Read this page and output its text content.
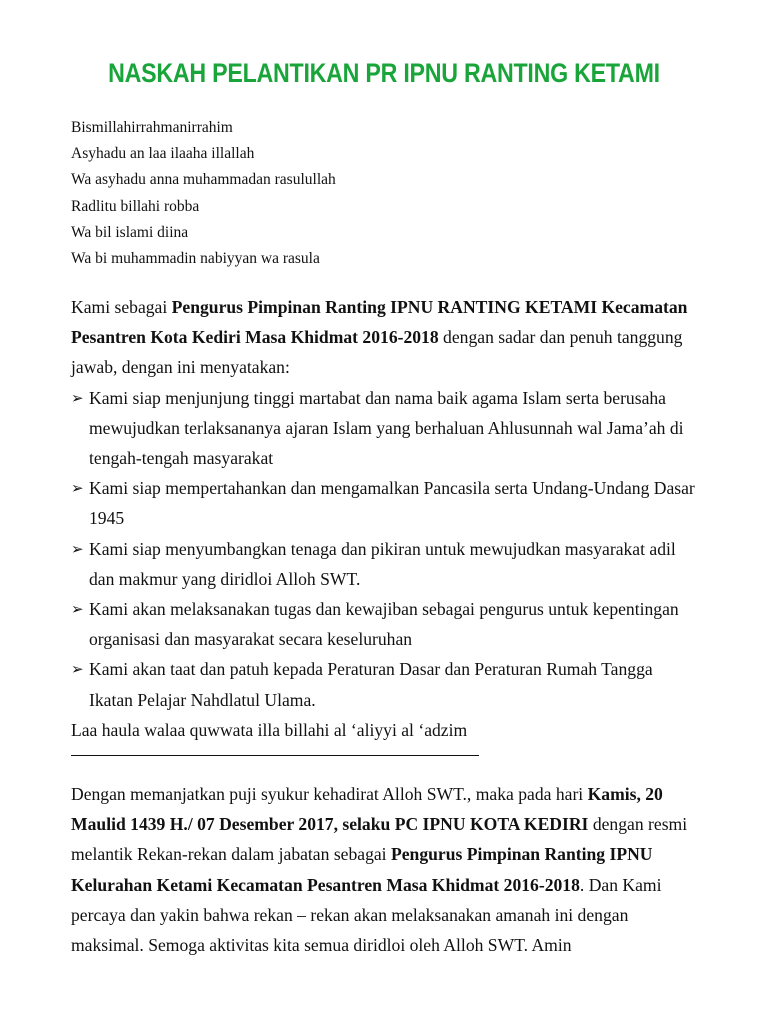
NASKAH PELANTIKAN PR IPNU RANTING KETAMI
Bismillahirrahmanirrahim
Asyhadu an laa ilaaha illallah
Wa asyhadu anna muhammadan rasulullah
Radlitu billahi robba
Wa bil islami diina
Wa bi muhammadin nabiyyan wa rasula

Kami sebagai Pengurus Pimpinan Ranting IPNU RANTING KETAMI Kecamatan Pesantren Kota Kediri Masa Khidmat 2016-2018 dengan sadar dan penuh tanggung jawab, dengan ini menyatakan:

➢ Kami siap menjunjung tinggi martabat dan nama baik agama Islam serta berusaha mewujudkan terlaksananya ajaran Islam yang berhaluan Ahlusunnah wal Jama’ah di tengah-tengah masyarakat
➢ Kami siap mempertahankan dan mengamalkan Pancasila serta Undang-Undang Dasar 1945
➢ Kami siap menyumbangkan tenaga dan pikiran untuk mewujudkan masyarakat adil dan makmur yang diridloi Alloh SWT.
➢ Kami akan melaksanakan tugas dan kewajiban sebagai pengurus untuk kepentingan organisasi dan masyarakat secara keseluruhan
➢ Kami akan taat dan patuh kepada Peraturan Dasar dan Peraturan Rumah Tangga Ikatan Pelajar Nahdlatul Ulama.

Laa haula walaa quwwata illa billahi al ‘aliyyi al ‘adzim

Dengan memanjatkan puji syukur kehadirat Alloh SWT., maka pada hari Kamis, 20 Maulid 1439 H./ 07 Desember 2017, selaku PC IPNU KOTA KEDIRI dengan resmi melantik Rekan-rekan dalam jabatan sebagai Pengurus Pimpinan Ranting IPNU Kelurahan Ketami Kecamatan Pesantren Masa Khidmat 2016-2018. Dan Kami percaya dan yakin bahwa rekan – rekan akan melaksanakan amanah ini dengan maksimal. Semoga aktivitas kita semua diridloi oleh Alloh SWT. Amin
